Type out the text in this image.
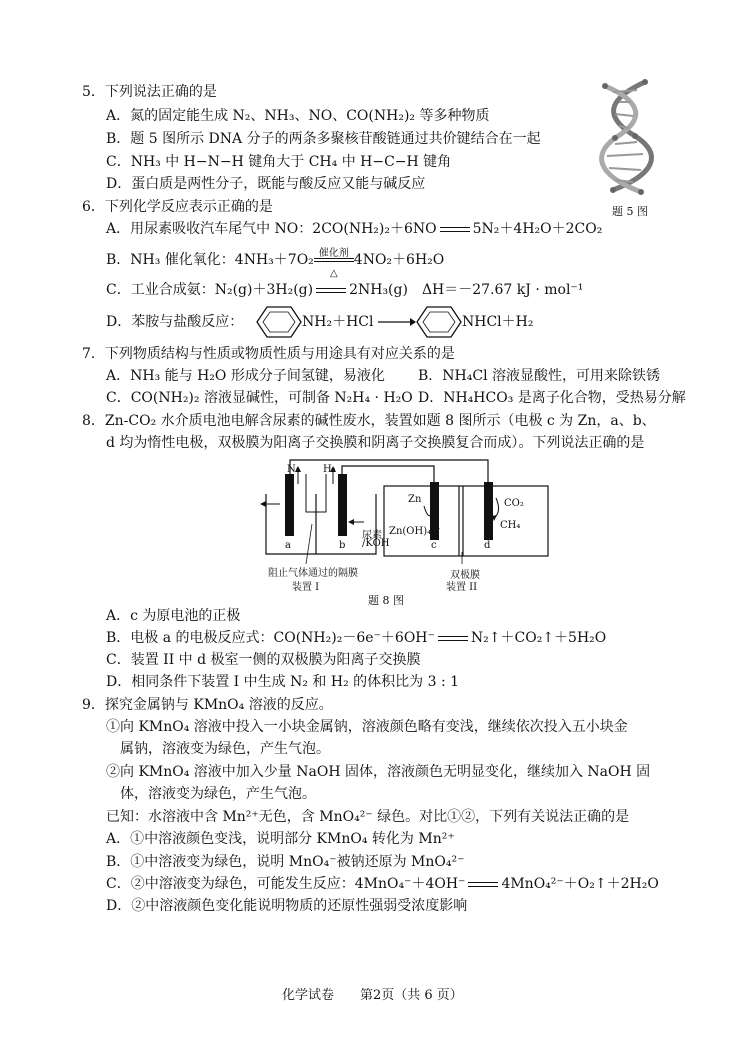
5．下列说法正确的是
A．氮的固定能生成 N₂、NH₃、NO、CO(NH₂)₂ 等多种物质
B．题 5 图所示 DNA 分子的两条多聚核苷酸链通过共价键结合在一起
C．NH₃ 中 H−N−H 键角大于 CH₄ 中 H−C−H 键角
D．蛋白质是两性分子，既能与酸反应又能与碱反应
题 5 图
6．下列化学反应表示正确的是
A．用尿素吸收汽车尾气中 NO：2CO(NH₂)₂＋6NO	5N₂＋4H₂O＋2CO₂
B．NH₃ 催化氧化：4NH₃＋7O₂ 催化剂
△
4NO₂＋6H₂O
C．工业合成氨：N₂(g)＋3H₂(g)	2NH₃(g)　ΔH＝－27.67 kJ · mol⁻¹
D．苯胺与盐酸反应：	NH₂＋HCl →	NHCl＋H₂
7．下列物质结构与性质或物质性质与用途具有对应关系的是
A．NH₃ 能与 H₂O 形成分子间氢键，易液化 B．NH₄Cl 溶液显酸性，可用来除铁锈
C．CO(NH₂)₂ 溶液显碱性，可制备 N₂H₄ · H₂O D．NH₄HCO₃ 是离子化合物，受热易分解
8．Zn-CO₂ 水介质电池电解含尿素的碱性废水，装置如题 8 图所示（电极 c 为 Zn，a、b、
d 均为惰性电极，双极膜为阳离子交换膜和阴离子交换膜复合而成）。下列说法正确的是
N₂ H₂
a	b
尿素
/KOH
Zn
Zn(OH)₄²⁻
c	d
CO₂
CH₄
阻止气体通过的隔膜
装置 I
双极膜
装置 II
题 8 图
A．c 为原电池的正极
B．电极 a 的电极反应式：CO(NH₂)₂－6e⁻＋6OH⁻	N₂↑＋CO₂↑＋5H₂O
C．装置 II 中 d 极室一侧的双极膜为阳离子交换膜
D．相同条件下装置 I 中生成 N₂ 和 H₂ 的体积比为 3 : 1
9．探究金属钠与 KMnO₄ 溶液的反应。
①向 KMnO₄ 溶液中投入一小块金属钠，溶液颜色略有变浅，继续依次投入五小块金
属钠，溶液变为绿色，产生气泡。
②向 KMnO₄ 溶液中加入少量 NaOH 固体，溶液颜色无明显变化，继续加入 NaOH 固
体，溶液变为绿色，产生气泡。
已知：水溶液中含 Mn²⁺无色，含 MnO₄²⁻ 绿色。对比①②，下列有关说法正确的是
A．①中溶液颜色变浅，说明部分 KMnO₄ 转化为 Mn²⁺
B．①中溶液变为绿色，说明 MnO₄⁻被钠还原为 MnO₄²⁻
C．②中溶液变为绿色，可能发生反应：4MnO₄⁻＋4OH⁻	4MnO₄²⁻＋O₂↑＋2H₂O
D．②中溶液颜色变化能说明物质的还原性强弱受浓度影响
化学试卷　　第2页（共 6 页）
